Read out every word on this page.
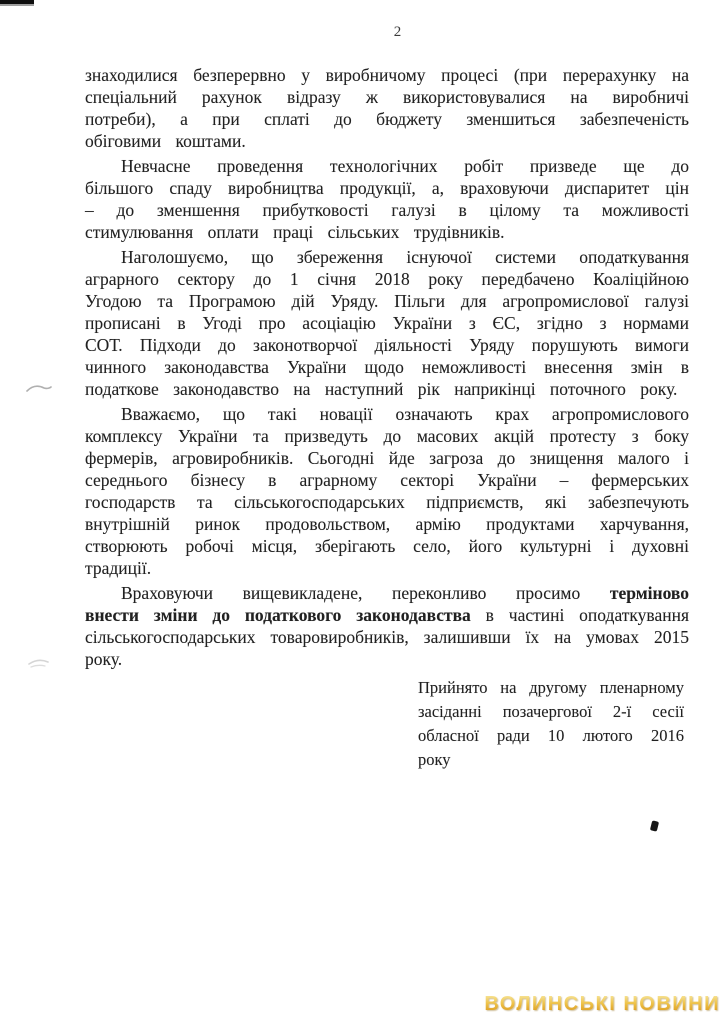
2

знаходилися безперервно у виробничому процесі (при перерахунку на спеціальний рахунок відразу ж використовувалися на виробничі потреби), а при сплаті до бюджету зменшиться забезпеченість обіговими коштами.

Невчасне проведення технологічних робіт призведе ще до більшого спаду виробництва продукції, а, враховуючи диспаритет цін – до зменшення прибутковості галузі в цілому та можливості стимулювання оплати праці сільських трудівників.

Наголошуємо, що збереження існуючої системи оподаткування аграрного сектору до 1 січня 2018 року передбачено Коаліційною Угодою та Програмою дій Уряду. Пільги для агропромислової галузі прописані в Угоді про асоціацію України з ЄС, згідно з нормами СОТ. Підходи до законотворчої діяльності Уряду порушують вимоги чинного законодавства України щодо неможливості внесення змін в податкове законодавство на наступний рік наприкінці поточного року.

Вважаємо, що такі новації означають крах агропромислового комплексу України та призведуть до масових акцій протесту з боку фермерів, агровиробників. Сьогодні йде загроза до знищення малого і середнього бізнесу в аграрному секторі України – фермерських господарств та сільськогосподарських підприємств, які забезпечують внутрішній ринок продовольством, армію продуктами харчування, створюють робочі місця, зберігають село, його культурні і духовні традиції.

Враховуючи вищевикладене, переконливо просимо терміново внести зміни до податкового законодавства в частині оподаткування сільськогосподарських товаровиробників, залишивши їх на умовах 2015 року.

Прийнято на другому пленарному засіданні позачергової 2-ї сесії обласної ради 10 лютого 2016 року
ВОЛИНСЬКІ НОВИНИ
